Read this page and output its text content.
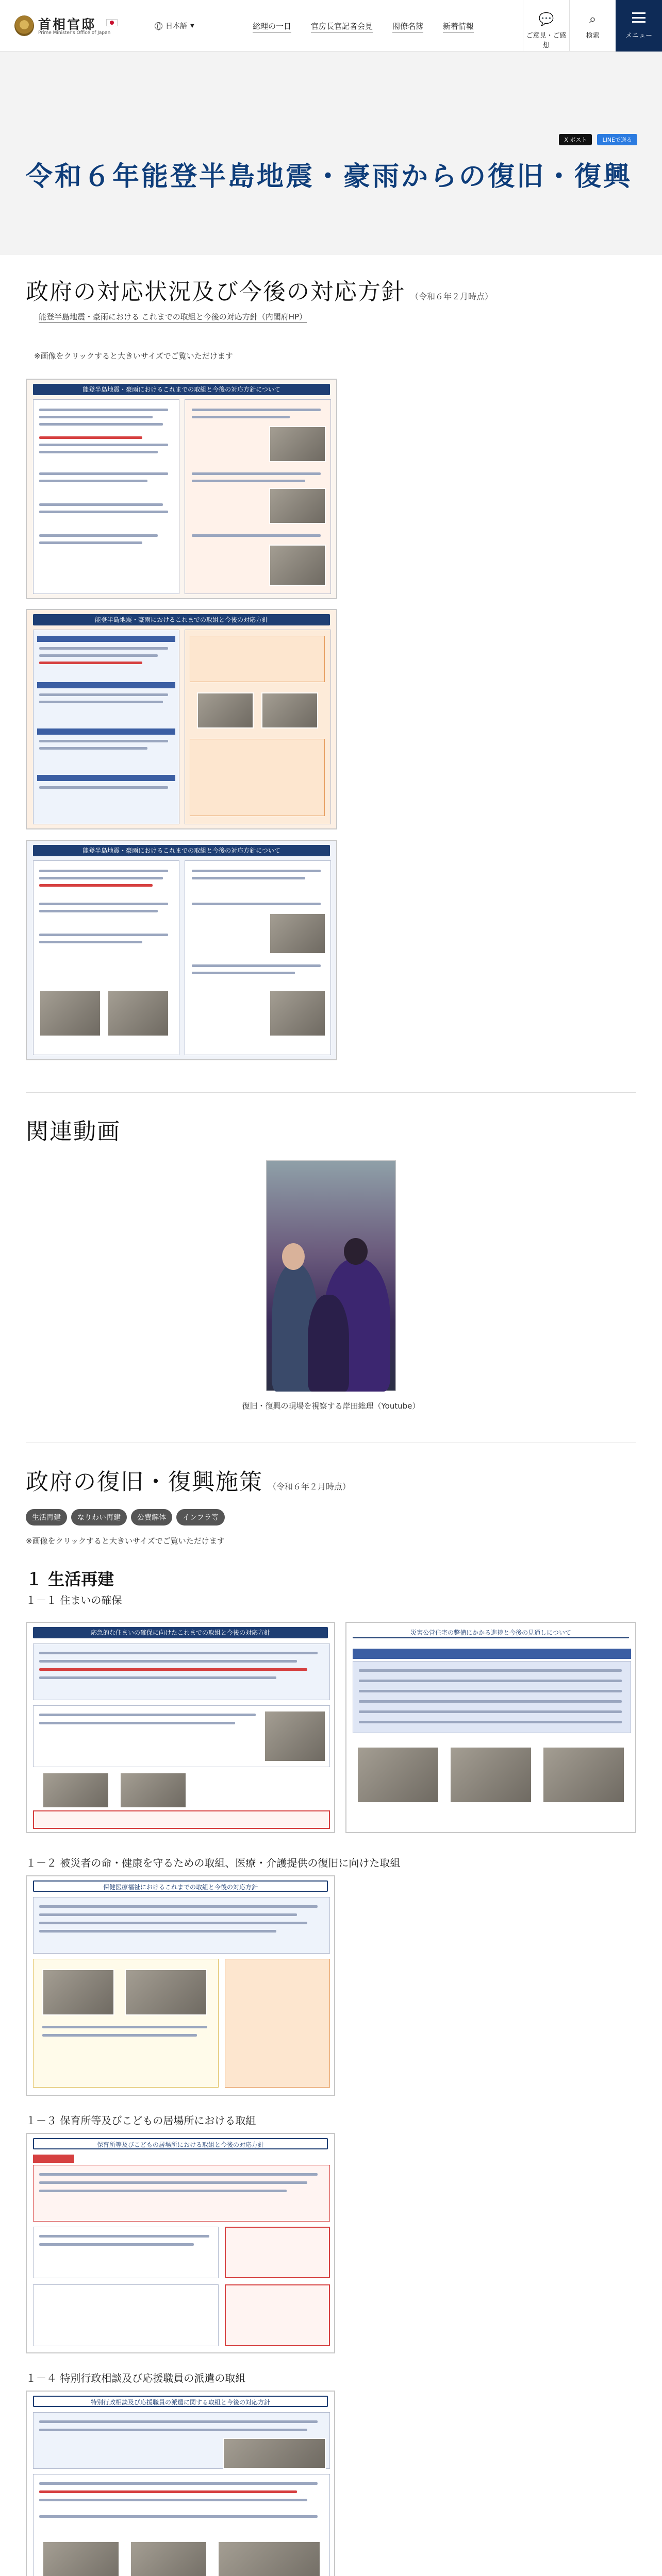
首相官邸
Prime Minister's Office of Japan
日本語 ▼	総理の一日	官房長官記者会見	閣僚名簿	新着情報	💬
ご意見・ご感想
⌕
検索	メニュー
X ポスト	LINEで送る
令和６年能登半島地震・豪雨からの復旧・復興
政府の対応状況及び今後の対応方針 （令和６年２月時点）
能登半島地震・豪雨における これまでの取組と今後の対応方針（内閣府HP）
※画像をクリックすると大きいサイズでご覧いただけます
能登半島地震・豪雨におけるこれまでの取組と今後の対応方針について
能登半島地震・豪雨におけるこれまでの取組と今後の対応方針
能登半島地震・豪雨におけるこれまでの取組と今後の対応方針について
関連動画
復旧・復興の現場を視察する岸田総理（Youtube）
政府の復旧・復興施策 （令和６年２月時点）
生活再建	なりわい再建	公費解体	インフラ等
※画像をクリックすると大きいサイズでご覧いただけます
１ 生活再建
１－１ 住まいの確保
応急的な住まいの確保に向けたこれまでの取組と今後の対応方針	災害公営住宅の整備にかかる進捗と今後の見通しについて
１－２ 被災者の命・健康を守るための取組、医療・介護提供の復旧に向けた取組
保健医療福祉におけるこれまでの取組と今後の対応方針
１－３ 保育所等及びこどもの居場所における取組
保育所等及びこどもの居場所における取組と今後の対応方針
１－４ 特別行政相談及び応援職員の派遣の取組
特別行政相談及び応援職員の派遣に関する取組と今後の対応方針
